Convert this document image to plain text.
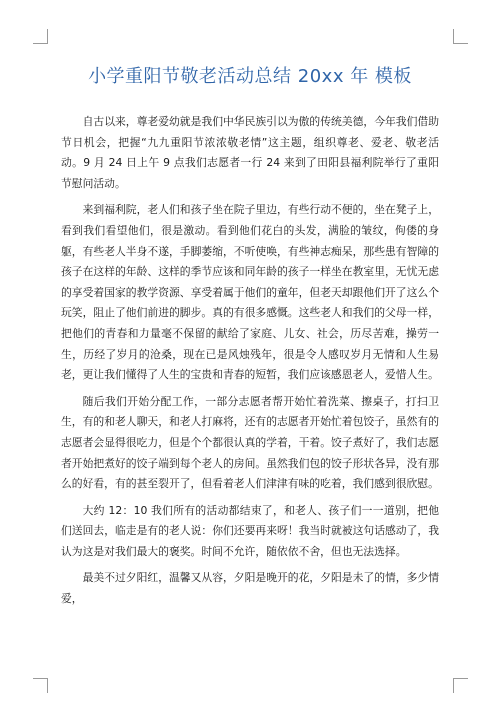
小学重阳节敬老活动总结 20xx 年 模板

自古以来，尊老爱幼就是我们中华民族引以为傲的传统美德，今年我们借助节日机会，把握“九九重阳节浓浓敬老情”这主题，组织尊老、爱老、敬老活动。9 月 24 日上午 9 点我们志愿者一行 24 来到了田阳县福利院举行了重阳节慰问活动。

来到福利院，老人们和孩子坐在院子里边，有些行动不便的，坐在凳子上，看到我们看望他们，很是激动。看到他们花白的头发，满脸的皱纹，佝偻的身躯，有些老人半身不遂，手脚萎缩，不听使唤，有些神志痴呆，那些患有智障的孩子在这样的年龄、这样的季节应该和同年龄的孩子一样坐在教室里，无忧无虑的享受着国家的教学资源、享受着属于他们的童年，但老天却跟他们开了这么个玩笑，阻止了他们前进的脚步。真的有很多感慨。这些老人和我们的父母一样，把他们的青春和力量毫不保留的献给了家庭、儿女、社会，历尽苦难，操劳一生，历经了岁月的沧桑，现在已是风烛残年，很是令人感叹岁月无情和人生易老，更让我们懂得了人生的宝贵和青春的短暂，我们应该感恩老人，爱惜人生。

随后我们开始分配工作，一部分志愿者帮开始忙着洗菜、擦桌子，打扫卫生，有的和老人聊天，和老人打麻将，还有的志愿者开始忙着包饺子，虽然有的志愿者会显得很吃力，但是个个都很认真的学着，干着。饺子煮好了，我们志愿者开始把煮好的饺子端到每个老人的房间。虽然我们包的饺子形状各异，没有那么的好看，有的甚至裂开了，但看着老人们津津有味的吃着，我们感到很欣慰。

大约 12：10 我们所有的活动都结束了，和老人、孩子们一一道别，把他们送回去，临走是有的老人说：你们还要再来呀！我当时就被这句话感动了，我认为这是对我们最大的褒奖。时间不允许，随依依不舍，但也无法选择。

最美不过夕阳红，温馨又从容，夕阳是晚开的花，夕阳是未了的情，多少情爱，
